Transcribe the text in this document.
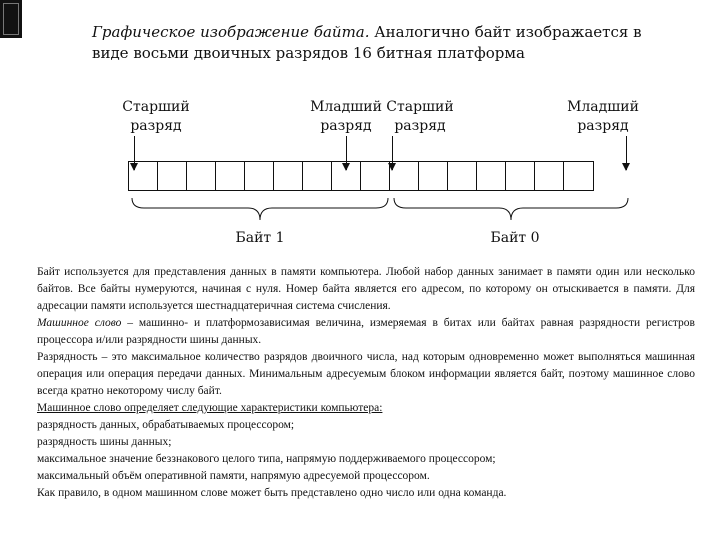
Графическое изображение байта. Аналогично байт изображается в виде восьми двоичных разрядов 16 битная платформа
Старший разряд
Младший разряд
Старший разряд
Младший разряд
Байт 1	Байт 0

Байт используется для представления данных в памяти компьютера. Любой набор данных занимает в памяти один или несколько байтов. Все байты нумеруются, начиная с нуля. Номер байта является его адресом, по которому он отыскивается в памяти. Для адресации памяти используется шестнадцатеричная система счисления.

Машинное слово – машинно- и платформозависимая величина, измеряемая в битах или байтах равная разрядности регистров процессора и/или разрядности шины данных.

Разрядность – это максимальное количество разрядов двоичного числа, над которым одновременно может выполняться машинная операция или операция передачи данных. Минимальным адресуемым блоком информации является байт, поэтому машинное слово всегда кратно некоторому числу байт.

Машинное слово определяет следующие характеристики компьютера:

разрядность данных, обрабатываемых процессором;

разрядность шины данных;

максимальное значение беззнакового целого типа, напрямую поддерживаемого процессором;

максимальный объём оперативной памяти, напрямую адресуемой процессором.

Как правило, в одном машинном слове может быть представлено одно число или одна команда.
